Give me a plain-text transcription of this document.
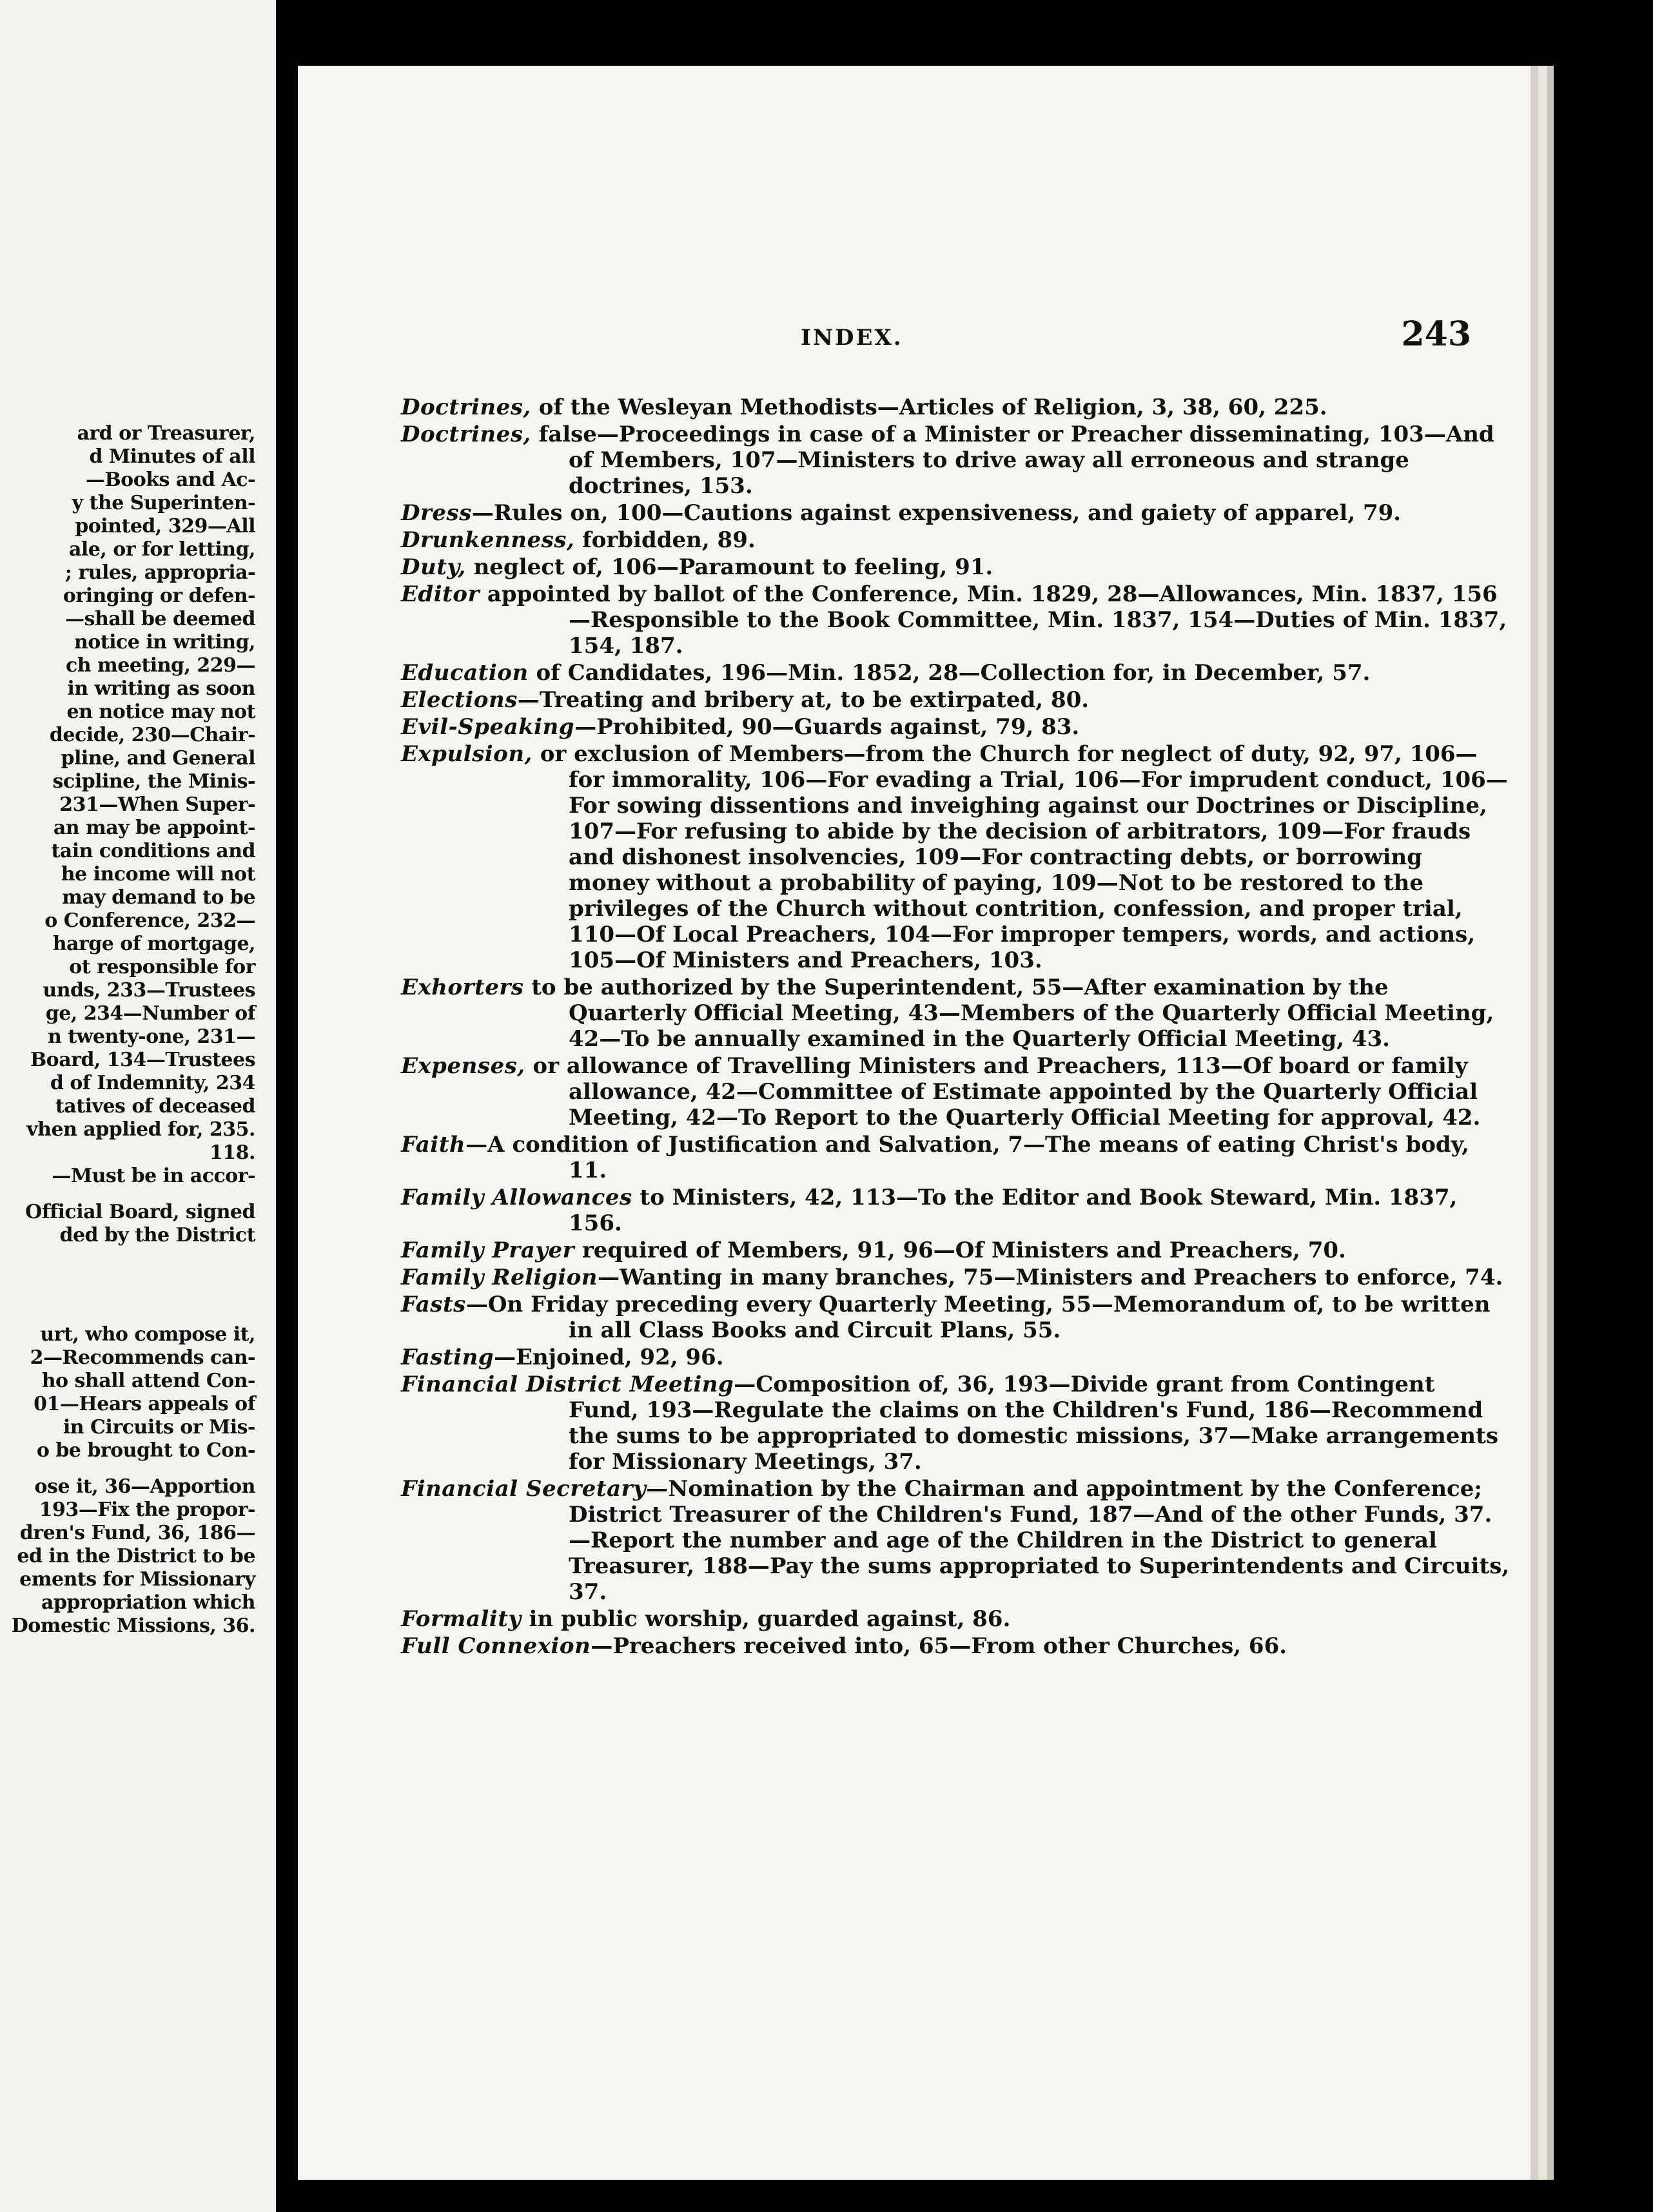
ard or Treasurer,
d Minutes of all
—Books and Ac-
y the Superinten-
pointed, 329—All
ale, or for letting,
; rules, appropria-
oringing or defen-
—shall be deemed
notice in writing,
ch meeting, 229—
in writing as soon
en notice may not
decide, 230—Chair-
pline, and General
scipline, the Minis-
231—When Super-
an may be appoint-
tain conditions and
he income will not
may demand to be
o Conference, 232—
harge of mortgage,
ot responsible for
unds, 233—Trustees
ge, 234—Number of
n twenty-one, 231—
Board, 134—Trustees
d of Indemnity, 234
tatives of deceased
vhen applied for, 235.
118.
—Must be in accor-
Official Board, signed
ded by the District
urt, who compose it,
2—Recommends can-
ho shall attend Con-
01—Hears appeals of
in Circuits or Mis-
o be brought to Con-
ose it, 36—Apportion
193—Fix the propor-
dren's Fund, 36, 186—
ed in the District to be
ements for Missionary
appropriation which
Domestic Missions, 36.
INDEX.	243
Doctrines, of the Wesleyan Methodists—Articles of Religion, 3, 38, 60, 225.
Doctrines, false—Proceedings in case of a Minister or Preacher disseminating, 103—And of Members, 107—Ministers to drive away all erroneous and strange doctrines, 153.
Dress—Rules on, 100—Cautions against expensiveness, and gaiety of apparel, 79.
Drunkenness, forbidden, 89.
Duty, neglect of, 106—Paramount to feeling, 91.
Editor appointed by ballot of the Conference, Min. 1829, 28—Allowances, Min. 1837, 156—Responsible to the Book Committee, Min. 1837, 154—Duties of Min. 1837, 154, 187.
Education of Candidates, 196—Min. 1852, 28—Collection for, in December, 57.
Elections—Treating and bribery at, to be extirpated, 80.
Evil-Speaking—Prohibited, 90—Guards against, 79, 83.
Expulsion, or exclusion of Members—from the Church for neglect of duty, 92, 97, 106—for immorality, 106—For evading a Trial, 106—For imprudent conduct, 106—For sowing dissentions and inveighing against our Doctrines or Discipline, 107—For refusing to abide by the decision of arbitrators, 109—For frauds and dishonest insolvencies, 109—For contracting debts, or borrowing money without a probability of paying, 109—Not to be restored to the privileges of the Church without contrition, confession, and proper trial, 110—Of Local Preachers, 104—For improper tempers, words, and actions, 105—Of Ministers and Preachers, 103.
Exhorters to be authorized by the Superintendent, 55—After examination by the Quarterly Official Meeting, 43—Members of the Quarterly Official Meeting, 42—To be annually examined in the Quarterly Official Meeting, 43.
Expenses, or allowance of Travelling Ministers and Preachers, 113—Of board or family allowance, 42—Committee of Estimate appointed by the Quarterly Official Meeting, 42—To Report to the Quarterly Official Meeting for approval, 42.
Faith—A condition of Justification and Salvation, 7—The means of eating Christ's body, 11.
Family Allowances to Ministers, 42, 113—To the Editor and Book Steward, Min. 1837, 156.
Family Prayer required of Members, 91, 96—Of Ministers and Preachers, 70.
Family Religion—Wanting in many branches, 75—Ministers and Preachers to enforce, 74.
Fasts—On Friday preceding every Quarterly Meeting, 55—Memorandum of, to be written in all Class Books and Circuit Plans, 55.
Fasting—Enjoined, 92, 96.
Financial District Meeting—Composition of, 36, 193—Divide grant from Contingent Fund, 193—Regulate the claims on the Children's Fund, 186—Recommend the sums to be appropriated to domestic missions, 37—Make arrangements for Missionary Meetings, 37.
Financial Secretary—Nomination by the Chairman and appointment by the Conference; District Treasurer of the Children's Fund, 187—And of the other Funds, 37.—Report the number and age of the Children in the District to general Treasurer, 188—Pay the sums appropriated to Superintendents and Circuits, 37.
Formality in public worship, guarded against, 86.
Full Connexion—Preachers received into, 65—From other Churches, 66.
